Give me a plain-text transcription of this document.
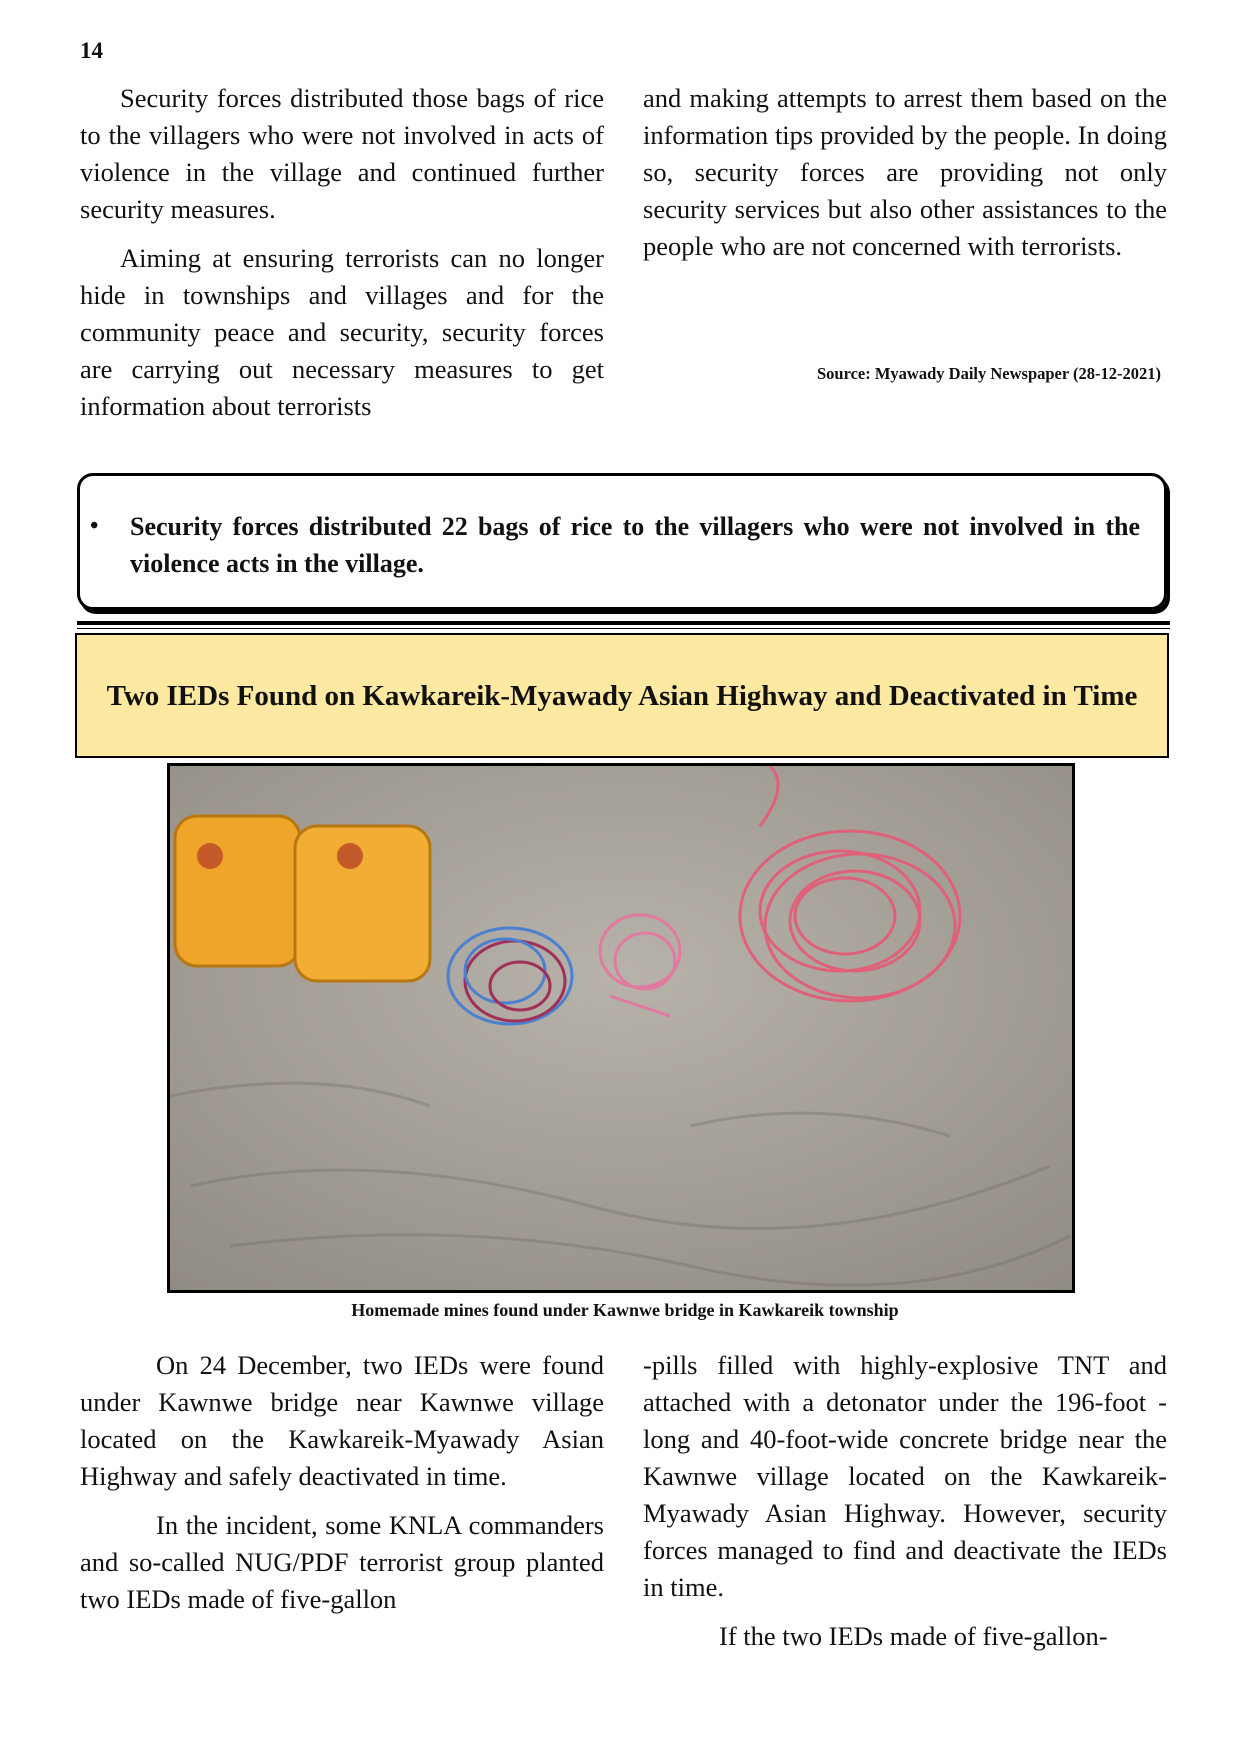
14

Security forces distributed those bags of rice to the villagers who were not involved in acts of violence in the village and continued further security measures.

Aiming at ensuring terrorists can no longer hide in townships and villages and for the community peace and security, security forces are carrying out necessary measures to get information about terrorists

and making attempts to arrest them based on the information tips provided by the people. In doing so, security forces are providing not only security services but also other assistances to the people who are not concerned with terrorists.

Source: Myawady Daily Newspaper (28-12-2021)
• Security forces distributed 22 bags of rice to the villagers who were not involved in the violence acts in the village.
Two IEDs Found on Kawkareik-Myawady Asian Highway and Deactivated in Time
Homemade mines found under Kawnwe bridge in Kawkareik township

On 24 December, two IEDs were found under Kawnwe bridge near Kawnwe village located on the Kawkareik-Myawady Asian Highway and safely deactivated in time.

In the incident, some KNLA commanders and so-called NUG/PDF terrorist group planted two IEDs made of five-gallon

-pills filled with highly-explosive TNT and attached with a detonator under the 196-foot -long and 40-foot-wide concrete bridge near the Kawnwe village located on the Kawkareik-Myawady Asian Highway. However, security forces managed to find and deactivate the IEDs in time.

If the two IEDs made of five-gallon-
